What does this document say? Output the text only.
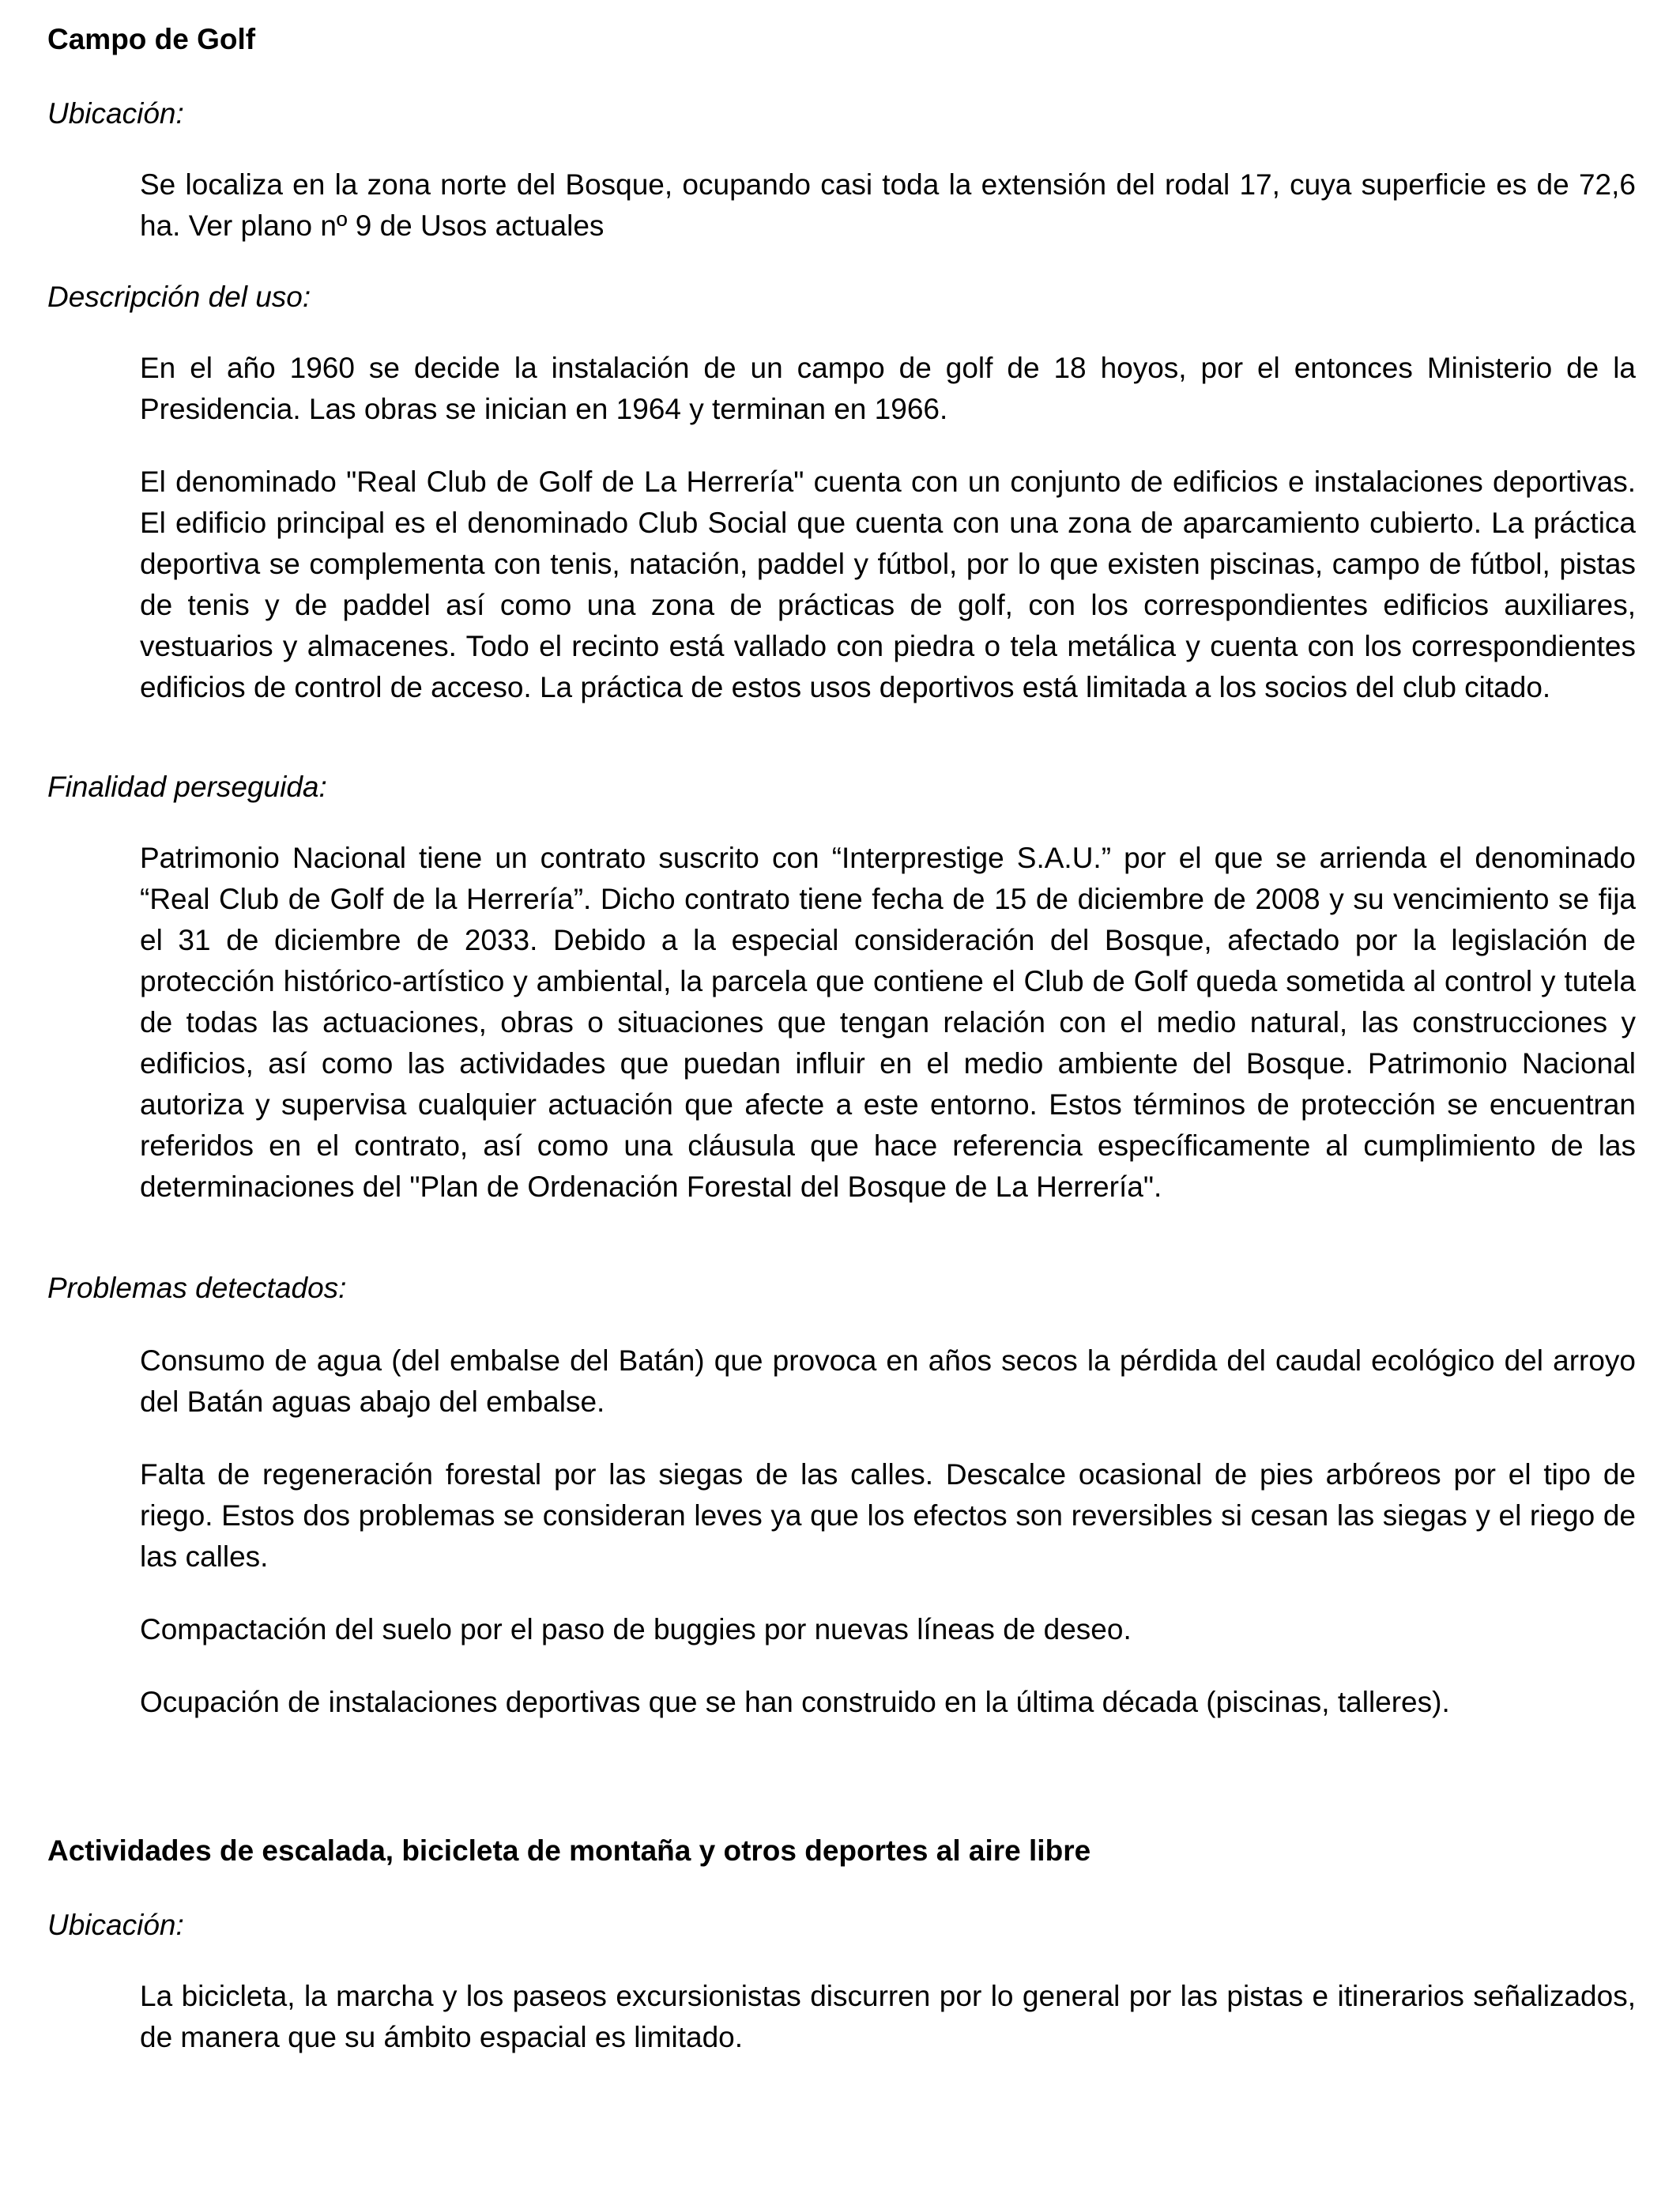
Campo de Golf

Ubicación:

Se localiza en la zona norte del Bosque, ocupando casi toda la extensión del rodal 17, cuya superficie es de 72,6 ha. Ver plano nº 9 de Usos actuales

Descripción del uso:

En el año 1960 se decide la instalación de un campo de golf de 18 hoyos, por el entonces Ministerio de la Presidencia. Las obras se inician en 1964 y terminan en 1966.

El denominado "Real Club de Golf de La Herrería" cuenta con un conjunto de edificios e instalaciones deportivas. El edificio principal es el denominado Club Social que cuenta con una zona de aparcamiento cubierto. La práctica deportiva se complementa con tenis, natación, paddel y fútbol, por lo que existen piscinas, campo de fútbol, pistas de tenis y de paddel así como una zona de prácticas de golf, con los correspondientes edificios auxiliares, vestuarios y almacenes. Todo el recinto está vallado con piedra o tela metálica y cuenta con los correspondientes edificios de control de acceso. La práctica de estos usos deportivos está limitada a los socios del club citado.

Finalidad perseguida:

Patrimonio Nacional tiene un contrato suscrito con “Interprestige S.A.U.” por el que se arrienda el denominado “Real Club de Golf de la Herrería”. Dicho contrato tiene fecha de 15 de diciembre de 2008 y su vencimiento se fija el 31 de diciembre de 2033. Debido a la especial consideración del Bosque, afectado por la legislación de protección histórico-artístico y ambiental, la parcela que contiene el Club de Golf queda sometida al control y tutela de todas las actuaciones, obras o situaciones que tengan relación con el medio natural, las construcciones y edificios, así como las actividades que puedan influir en el medio ambiente del Bosque. Patrimonio Nacional autoriza y supervisa cualquier actuación que afecte a este entorno. Estos términos de protección se encuentran referidos en el contrato, así como una cláusula que hace referencia específicamente al cumplimiento de las determinaciones del "Plan de Ordenación Forestal del Bosque de La Herrería".

Problemas detectados:

Consumo de agua (del embalse del Batán) que provoca en años secos la pérdida del caudal ecológico del arroyo del Batán aguas abajo del embalse.

Falta de regeneración forestal por las siegas de las calles. Descalce ocasional de pies arbóreos por el tipo de riego. Estos dos problemas se consideran leves ya que los efectos son reversibles si cesan las siegas y el riego de las calles.

Compactación del suelo por el paso de buggies por nuevas líneas de deseo.

Ocupación de instalaciones deportivas que se han construido en la última década (piscinas, talleres).

Actividades de escalada, bicicleta de montaña y otros deportes al aire libre

Ubicación:

La bicicleta, la marcha y los paseos excursionistas discurren por lo general por las pistas e itinerarios señalizados, de manera que su ámbito espacial es limitado.
